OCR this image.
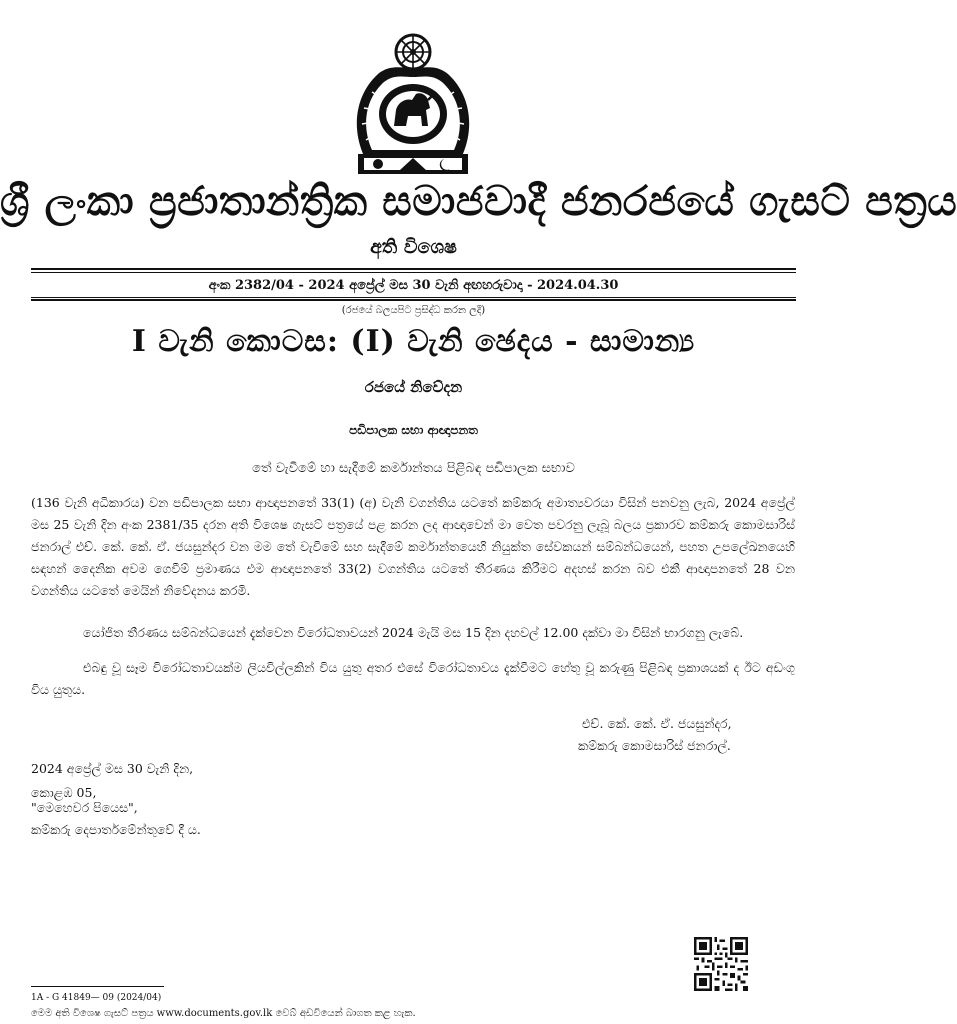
ශ්‍රී ලංකා ප්‍රජාතාන්ත්‍රික සමාජවාදී ජනරජයේ ගැසට් පත්‍රය
අති විශෙෂ
අංක 2382/04 - 2024 අප්‍රේල් මස 30 වැනි අඟහරුවාදා - 2024.04.30
(රජයේ බලයපිට ප්‍රසිද්ධ කරන ලදී)
I වැනි කොටස: (I) වැනි ඡෙදය - සාමාන්‍ය
රජයේ නිවේදන
පඩිපාලක සභා ආඥාපනත
තේ වැවීමේ හා සැදීමේ කර්මාන්තය පිළිබඳ පඩිපාලක සභාව
(136 වැනි අධිකාරය) වන පඩිපාලක සභා ආඥාපනතේ 33(1) (අ) වැනි වගන්තිය යටතේ කම්කරු අමාත්‍යවරයා විසින් පනවනු ලැබ, 2024 අප්‍රේල් මස 25 වැනි දින අංක 2381/35 දරන අති විශෙෂ ගැසට් පත්‍රයේ පළ කරන ලද ආඥාවෙන් මා වෙත පවරනු ලැබූ බලය ප්‍රකාරව කම්කරු කොමසාරිස් ජනරාල් එච්. කේ. කේ. ඒ. ජයසුන්දර වන මම තේ වැවීමේ සහ සැදීමේ කර්මාන්තයෙහි නියුක්ත සේවකයන් සම්බන්ධයෙන්, පහත උපලේඛනයෙහි සඳහන් දෛනික අවම ගෙවීම් ප්‍රමාණය එම ආඥාපනතේ 33(2) වගන්තිය යටතේ තීරණය කිරීමට අදහස් කරන බව එකී ආඥාපනතේ 28 වන වගන්තිය යටතේ මෙයින් නිවේදනය කරමි.
යෝජිත තීරණය සම්බන්ධයෙන් දැක්වෙන විරෝධතාවයන් 2024 මැයි මස 15 දින දහවල් 12.00 දක්වා මා විසින් භාරගනු ලැබේ.
එබඳු වූ සෑම විරෝධතාවයක්ම ලියවිල්ලකින් විය යුතු අතර එසේ විරෝධතාවය දැක්වීමට හේතු වූ කරුණු පිළිබඳ ප්‍රකාශයක් ද ඊට අඩංගු විය යුතුය.
එච්. කේ. කේ. ඒ. ජයසුන්දර,
කම්කරු කොමසාරිස් ජනරාල්.
2024 අප්‍රේල් මස 30 වැනි දින,
කොළඹ 05,
"මෙහෙවර පියෙස",
කම්කරු දෙපාර්තමේන්තුවේ දී ය.
1A - G 41849— 09 (2024/04)
මෙම අති විශෙෂ ගැසට් පත්‍රය www.documents.gov.lk වෙබ් අඩවියෙන් බාගත කළ හැක.
